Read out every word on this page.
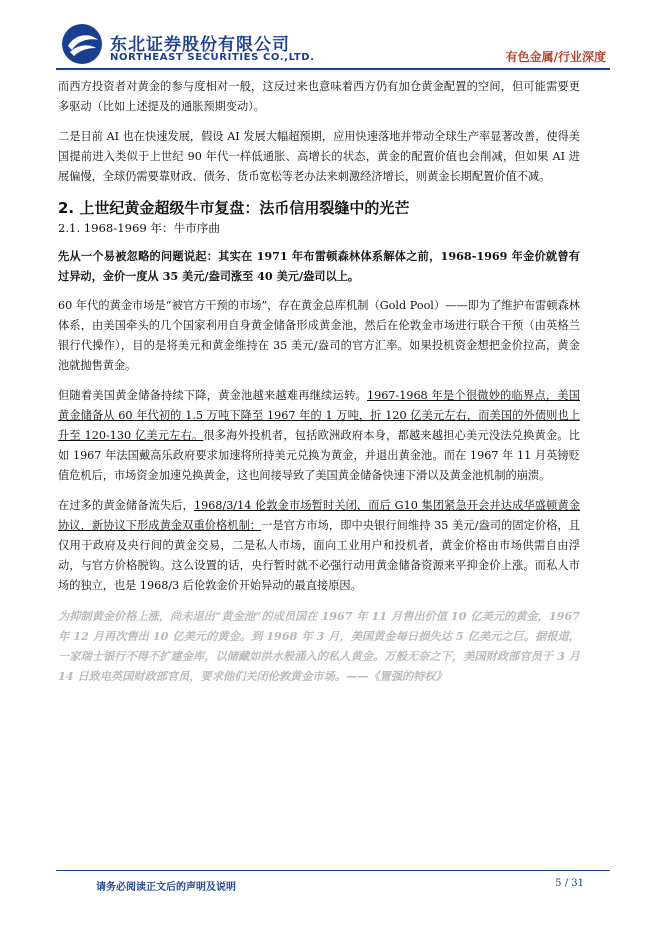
东北证券股份有限公司
NORTHEAST SECURITIES CO.,LTD.	有色金属/行业深度

而西方投资者对黄金的参与度相对一般，这反过来也意味着西方仍有加仓黄金配置的空间，但可能需要更多驱动（比如上述提及的通胀预期变动）。

二是目前 AI 也在快速发展，假设 AI 发展大幅超预期，应用快速落地并带动全球生产率显著改善，使得美国提前进入类似于上世纪 90 年代一样低通胀、高增长的状态，黄金的配置价值也会削减，但如果 AI 进展偏慢，全球仍需要靠财政、债务、货币宽松等老办法来刺激经济增长，则黄金长期配置价值不减。

2. 上世纪黄金超级牛市复盘：法币信用裂缝中的光芒
2.1. 1968-1969 年：牛市序曲

先从一个易被忽略的问题说起：其实在 1971 年布雷顿森林体系解体之前，1968-1969 年金价就曾有过异动，金价一度从 35 美元/盎司涨至 40 美元/盎司以上。

60 年代的黄金市场是“被官方干预的市场”，存在黄金总库机制（Gold Pool）——即为了维护布雷顿森林体系，由美国牵头的几个国家利用自身黄金储备形成黄金池，然后在伦敦金市场进行联合干预（由英格兰银行代操作），目的是将美元和黄金维持在 35 美元/盎司的官方汇率。如果投机资金想把金价拉高，黄金池就抛售黄金。

但随着美国黄金储备持续下降，黄金池越来越难再继续运转。1967-1968 年是个很微妙的临界点，美国黄金储备从 60 年代初的 1.5 万吨下降至 1967 年的 1 万吨，折 120 亿美元左右，而美国的外债则也上升至 120-130 亿美元左右。很多海外投机者，包括欧洲政府本身，都越来越担心美元没法兑换黄金。比如 1967 年法国戴高乐政府要求加速将所持美元兑换为黄金，并退出黄金池。而在 1967 年 11 月英镑贬值危机后，市场资金加速兑换黄金，这也间接导致了美国黄金储备快速下滑以及黄金池机制的崩溃。

在过多的黄金储备流失后，1968/3/14 伦敦金市场暂时关闭，而后 G10 集团紧急开会并达成华盛顿黄金协议，新协议下形成黄金双重价格机制：一是官方市场，即中央银行间维持 35 美元/盎司的固定价格，且仅用于政府及央行间的黄金交易，二是私人市场，面向工业用户和投机者，黄金价格由市场供需自由浮动，与官方价格脱钩。这么设置的话，央行暂时就不必强行动用黄金储备资源来平抑金价上涨。而私人市场的独立，也是 1968/3 后伦敦金价开始异动的最直接原因。

为抑制黄金价格上涨，尚未退出“黄金池”的成员国在 1967 年 11 月售出价值 10 亿美元的黄金，1967 年 12 月再次售出 10 亿美元的黄金。到 1968 年 3 月，美国黄金每日损失达 5 亿美元之巨。据报道，一家瑞士银行不得不扩建金库，以储藏如洪水般涌入的私人黄金。万般无奈之下，美国财政部官员于 3 月 14 日致电英国财政部官员，要求他们关闭伦敦黄金市场。——《置强的特权》

请务必阅读正文后的声明及说明	5 / 31
